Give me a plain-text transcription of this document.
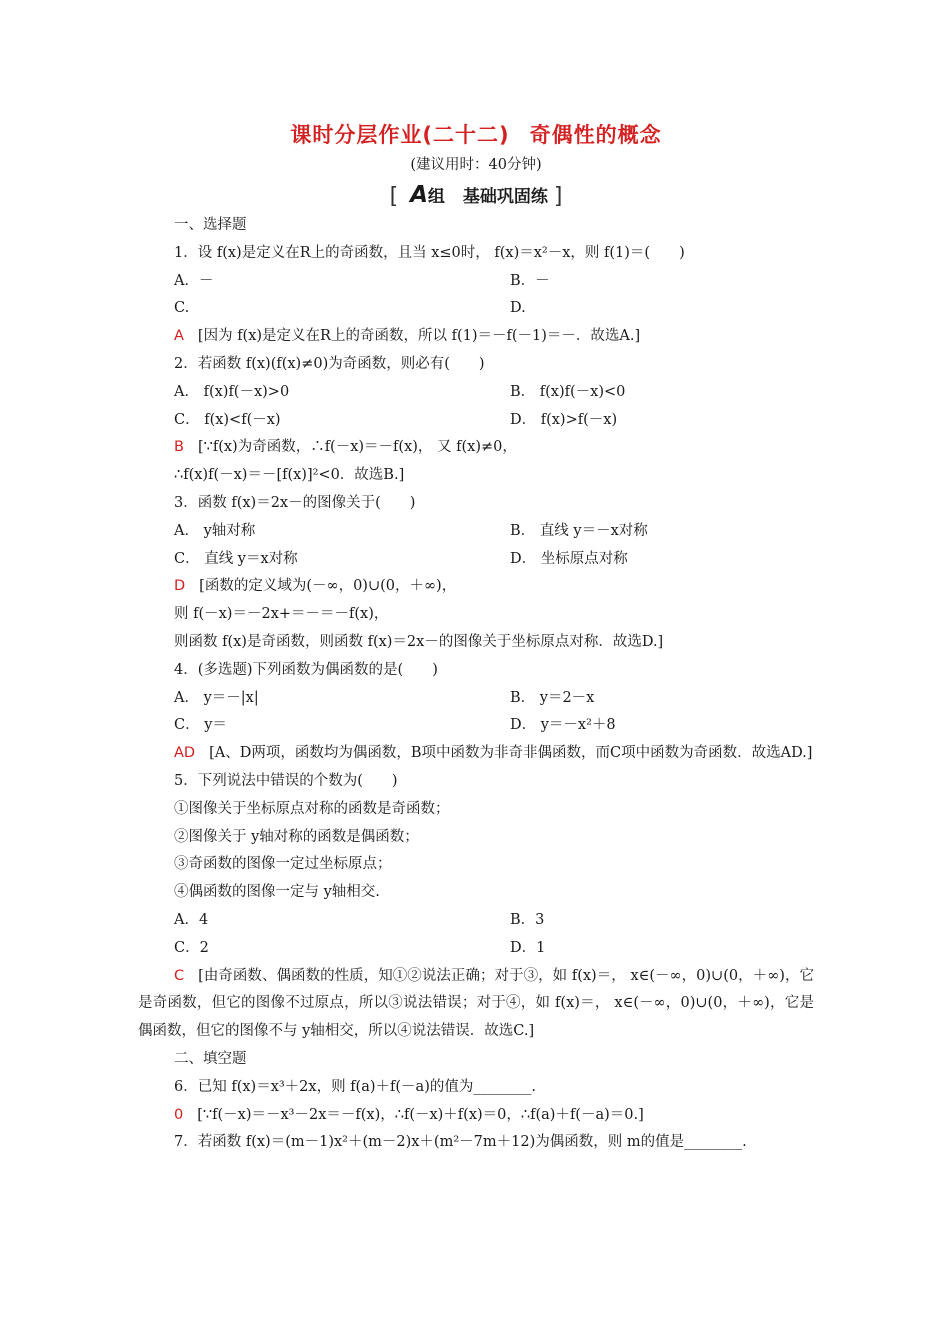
课时分层作业(二十二) 奇偶性的概念
(建议用时：40分钟)
[ A组 基础巩固练 ]
一、选择题
1．设 f(x)是定义在R上的奇函数，且当 x≤0时， f(x)＝x²－x，则 f(1)＝(　　)
A．－	B．－
C.	D.
A [因为 f(x)是定义在R上的奇函数，所以 f(1)＝－f(－1)＝－．故选A.]
2．若函数 f(x)(f(x)≠0)为奇函数，则必有(　　)
A． f(x)f(－x)>0	B． f(x)f(－x)<0
C． f(x)<f(－x)	D． f(x)>f(－x)
B [∵f(x)为奇函数，∴f(－x)＝－f(x)， 又 f(x)≠0，
∴f(x)f(－x)＝－[f(x)]²<0．故选B.]
3．函数 f(x)＝2x－的图像关于(　　)
A． y轴对称	B． 直线 y＝－x对称
C． 直线 y＝x对称	D． 坐标原点对称
D [函数的定义域为(－∞，0)∪(0，＋∞)，
则 f(－x)＝－2x+＝－＝－f(x)，
则函数 f(x)是奇函数，则函数 f(x)＝2x－的图像关于坐标原点对称．故选D.]
4．(多选题)下列函数为偶函数的是(　　)
A． y＝－|x|	B． y＝2－x
C． y＝	D． y＝－x²＋8
AD [A、D两项，函数均为偶函数，B项中函数为非奇非偶函数，而C项中函数为奇函数．故选AD.]
5．下列说法中错误的个数为(　　)
①图像关于坐标原点对称的函数是奇函数；
②图像关于 y轴对称的函数是偶函数；
③奇函数的图像一定过坐标原点；
④偶函数的图像一定与 y轴相交.
A．4	B．3
C．2	D．1
C [由奇函数、偶函数的性质，知①②说法正确；对于③，如 f(x)＝， x∈(－∞，0)∪(0，＋∞)，它是奇函数，但它的图像不过原点，所以③说法错误；对于④，如 f(x)＝， x∈(－∞，0)∪(0，＋∞)，它是偶函数，但它的图像不与 y轴相交，所以④说法错误．故选C.]
二、填空题
6．已知 f(x)＝x³＋2x，则 f(a)＋f(－a)的值为________.
0 [∵f(－x)＝－x³－2x＝－f(x)，∴f(－x)＋f(x)＝0，∴f(a)＋f(－a)＝0.]
7．若函数 f(x)＝(m－1)x²＋(m－2)x＋(m²－7m＋12)为偶函数，则 m的值是________.
